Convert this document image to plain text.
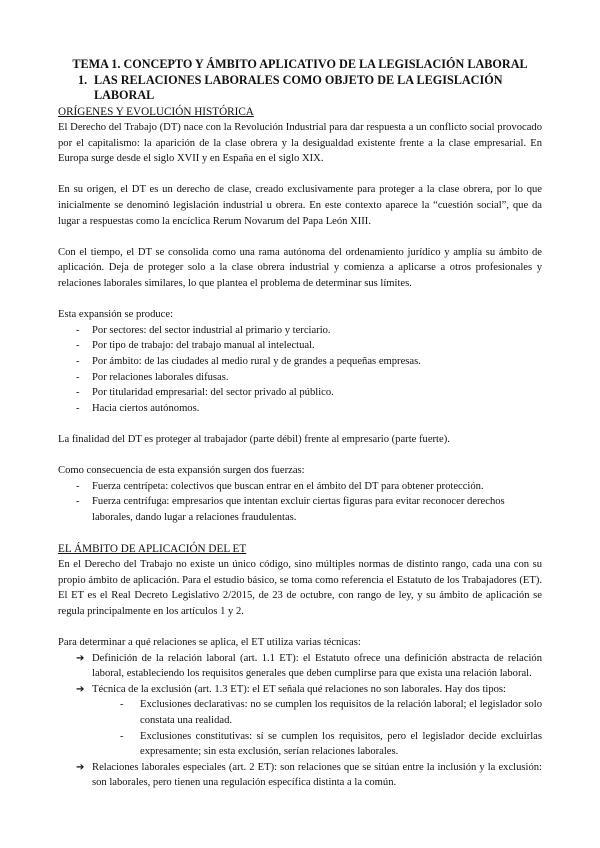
TEMA 1. CONCEPTO Y ÁMBITO APLICATIVO DE LA LEGISLACIÓN LABORAL
1. LAS RELACIONES LABORALES COMO OBJETO DE LA LEGISLACIÓN LABORAL
ORÍGENES Y EVOLUCIÓN HISTÓRICA

El Derecho del Trabajo (DT) nace con la Revolución Industrial para dar respuesta a un conflicto social provocado por el capitalismo: la aparición de la clase obrera y la desigualdad existente frente a la clase empresarial. En Europa surge desde el siglo XVII y en España en el siglo XIX.

En su origen, el DT es un derecho de clase, creado exclusivamente para proteger a la clase obrera, por lo que inicialmente se denominó legislación industrial u obrera. En este contexto aparece la “cuestión social”, que da lugar a respuestas como la encíclica Rerum Novarum del Papa León XIII.

Con el tiempo, el DT se consolida como una rama autónoma del ordenamiento jurídico y amplía su ámbito de aplicación. Deja de proteger solo a la clase obrera industrial y comienza a aplicarse a otros profesionales y relaciones laborales similares, lo que plantea el problema de determinar sus límites.

Esta expansión se produce:

- Por sectores: del sector industrial al primario y terciario.
- Por tipo de trabajo: del trabajo manual al intelectual.
- Por ámbito: de las ciudades al medio rural y de grandes a pequeñas empresas.
- Por relaciones laborales difusas.
- Por titularidad empresarial: del sector privado al público.
- Hacia ciertos autónomos.

La finalidad del DT es proteger al trabajador (parte débil) frente al empresario (parte fuerte).

Como consecuencia de esta expansión surgen dos fuerzas:

- Fuerza centrípeta: colectivos que buscan entrar en el ámbito del DT para obtener protección.
- Fuerza centrífuga: empresarios que intentan excluir ciertas figuras para evitar reconocer derechos laborales, dando lugar a relaciones fraudulentas.
EL ÁMBITO DE APLICACIÓN DEL ET

En el Derecho del Trabajo no existe un único código, sino múltiples normas de distinto rango, cada una con su propio ámbito de aplicación. Para el estudio básico, se toma como referencia el Estatuto de los Trabajadores (ET). El ET es el Real Decreto Legislativo 2/2015, de 23 de octubre, con rango de ley, y su ámbito de aplicación se regula principalmente en los artículos 1 y 2.

Para determinar a qué relaciones se aplica, el ET utiliza varias técnicas:

➔ Definición de la relación laboral (art. 1.1 ET): el Estatuto ofrece una definición abstracta de relación laboral, estableciendo los requisitos generales que deben cumplirse para que exista una relación laboral.
➔ Técnica de la exclusión (art. 1.3 ET): el ET señala qué relaciones no son laborales. Hay dos tipos:
- Exclusiones declarativas: no se cumplen los requisitos de la relación laboral; el legislador solo constata una realidad.
- Exclusiones constitutivas: sí se cumplen los requisitos, pero el legislador decide excluirlas expresamente; sin esta exclusión, serían relaciones laborales.
➔ Relaciones laborales especiales (art. 2 ET): son relaciones que se sitúan entre la inclusión y la exclusión: son laborales, pero tienen una regulación específica distinta a la común.
